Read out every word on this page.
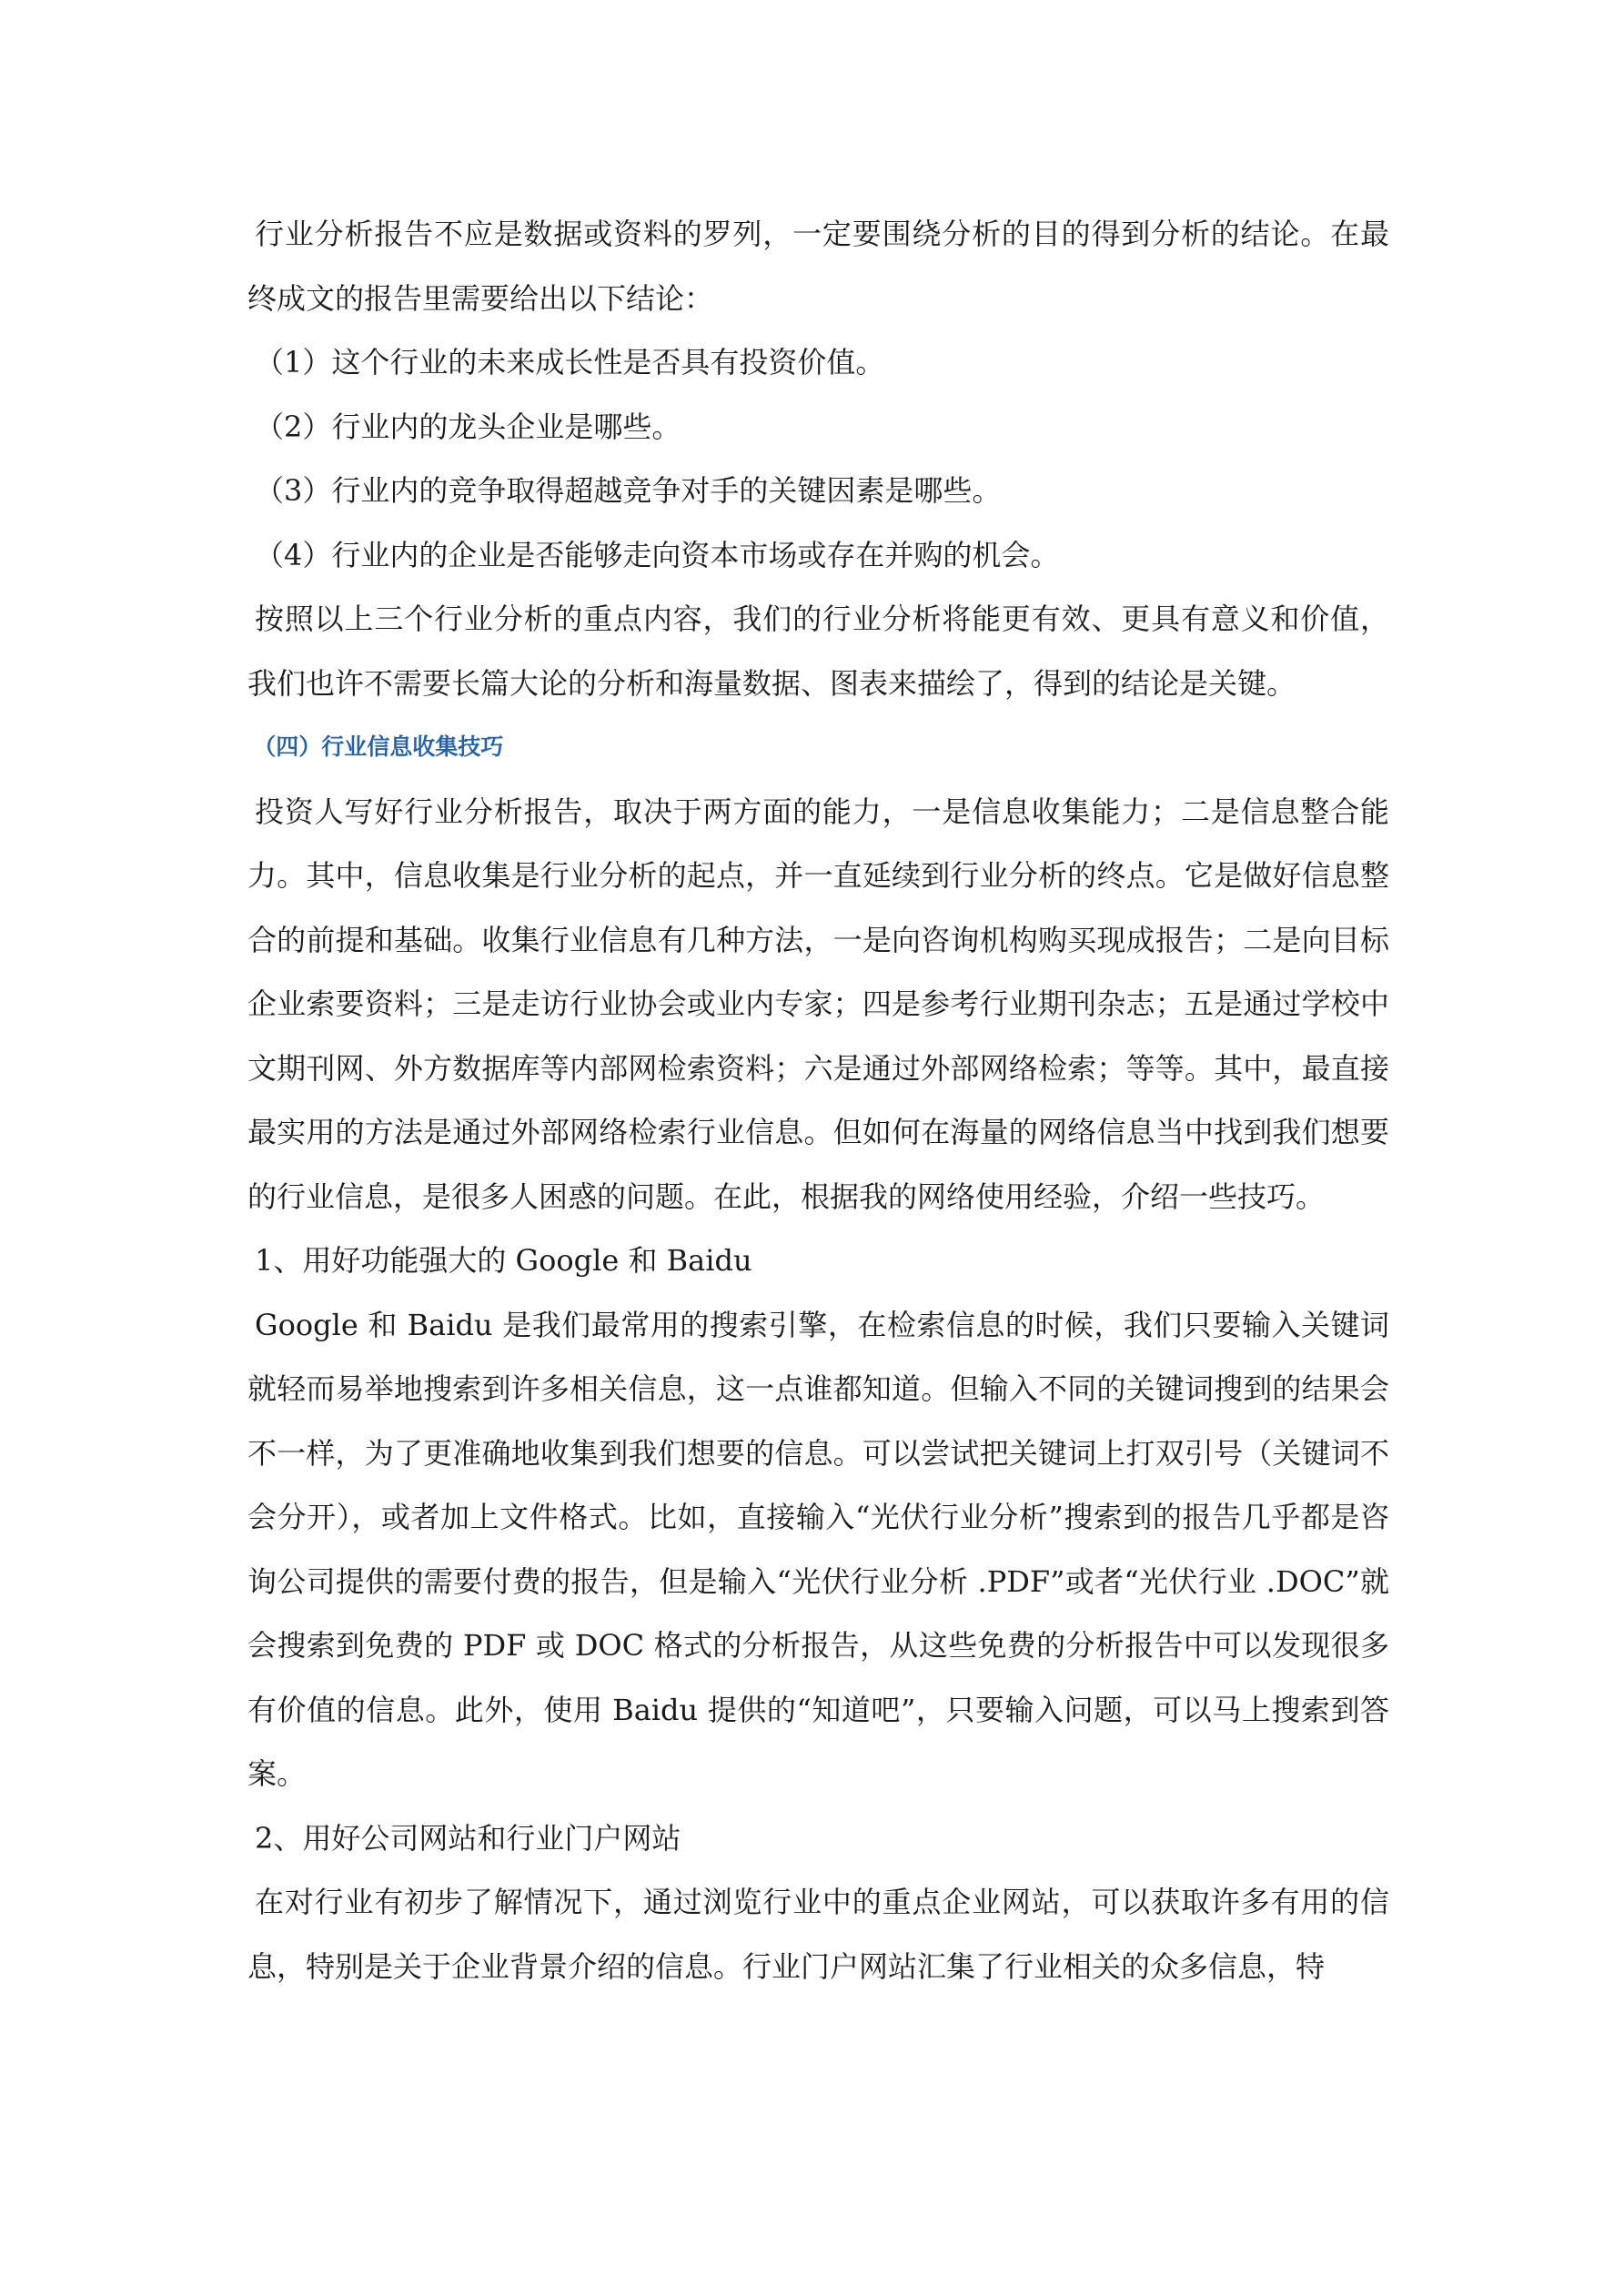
行业分析报告不应是数据或资料的罗列，一定要围绕分析的目的得到分析的结论。在最终成文的报告里需要给出以下结论：

（1）这个行业的未来成长性是否具有投资价值。

（2）行业内的龙头企业是哪些。

（3）行业内的竞争取得超越竞争对手的关键因素是哪些。

（4）行业内的企业是否能够走向资本市场或存在并购的机会。

按照以上三个行业分析的重点内容，我们的行业分析将能更有效、更具有意义和价值，我们也许不需要长篇大论的分析和海量数据、图表来描绘了，得到的结论是关键。

（四）行业信息收集技巧

投资人写好行业分析报告，取决于两方面的能力，一是信息收集能力；二是信息整合能力。其中，信息收集是行业分析的起点，并一直延续到行业分析的终点。它是做好信息整合的前提和基础。收集行业信息有几种方法，一是向咨询机构购买现成报告；二是向目标企业索要资料；三是走访行业协会或业内专家；四是参考行业期刊杂志；五是通过学校中文期刊网、外方数据库等内部网检索资料；六是通过外部网络检索；等等。其中，最直接最实用的方法是通过外部网络检索行业信息。但如何在海量的网络信息当中找到我们想要的行业信息，是很多人困惑的问题。在此，根据我的网络使用经验，介绍一些技巧。

1、用好功能强大的 Google 和 Baidu

Google 和 Baidu 是我们最常用的搜索引擎，在检索信息的时候，我们只要输入关键词就轻而易举地搜索到许多相关信息，这一点谁都知道。但输入不同的关键词搜到的结果会不一样，为了更准确地收集到我们想要的信息。可以尝试把关键词上打双引号（关键词不会分开），或者加上文件格式。比如，直接输入“光伏行业分析”搜索到的报告几乎都是咨询公司提供的需要付费的报告，但是输入“光伏行业分析 .PDF”或者“光伏行业 .DOC”就会搜索到免费的 PDF 或 DOC 格式的分析报告，从这些免费的分析报告中可以发现很多有价值的信息。此外，使用 Baidu 提供的“知道吧”，只要输入问题，可以马上搜索到答案。

2、用好公司网站和行业门户网站

在对行业有初步了解情况下，通过浏览行业中的重点企业网站，可以获取许多有用的信息，特别是关于企业背景介绍的信息。行业门户网站汇集了行业相关的众多信息，特
